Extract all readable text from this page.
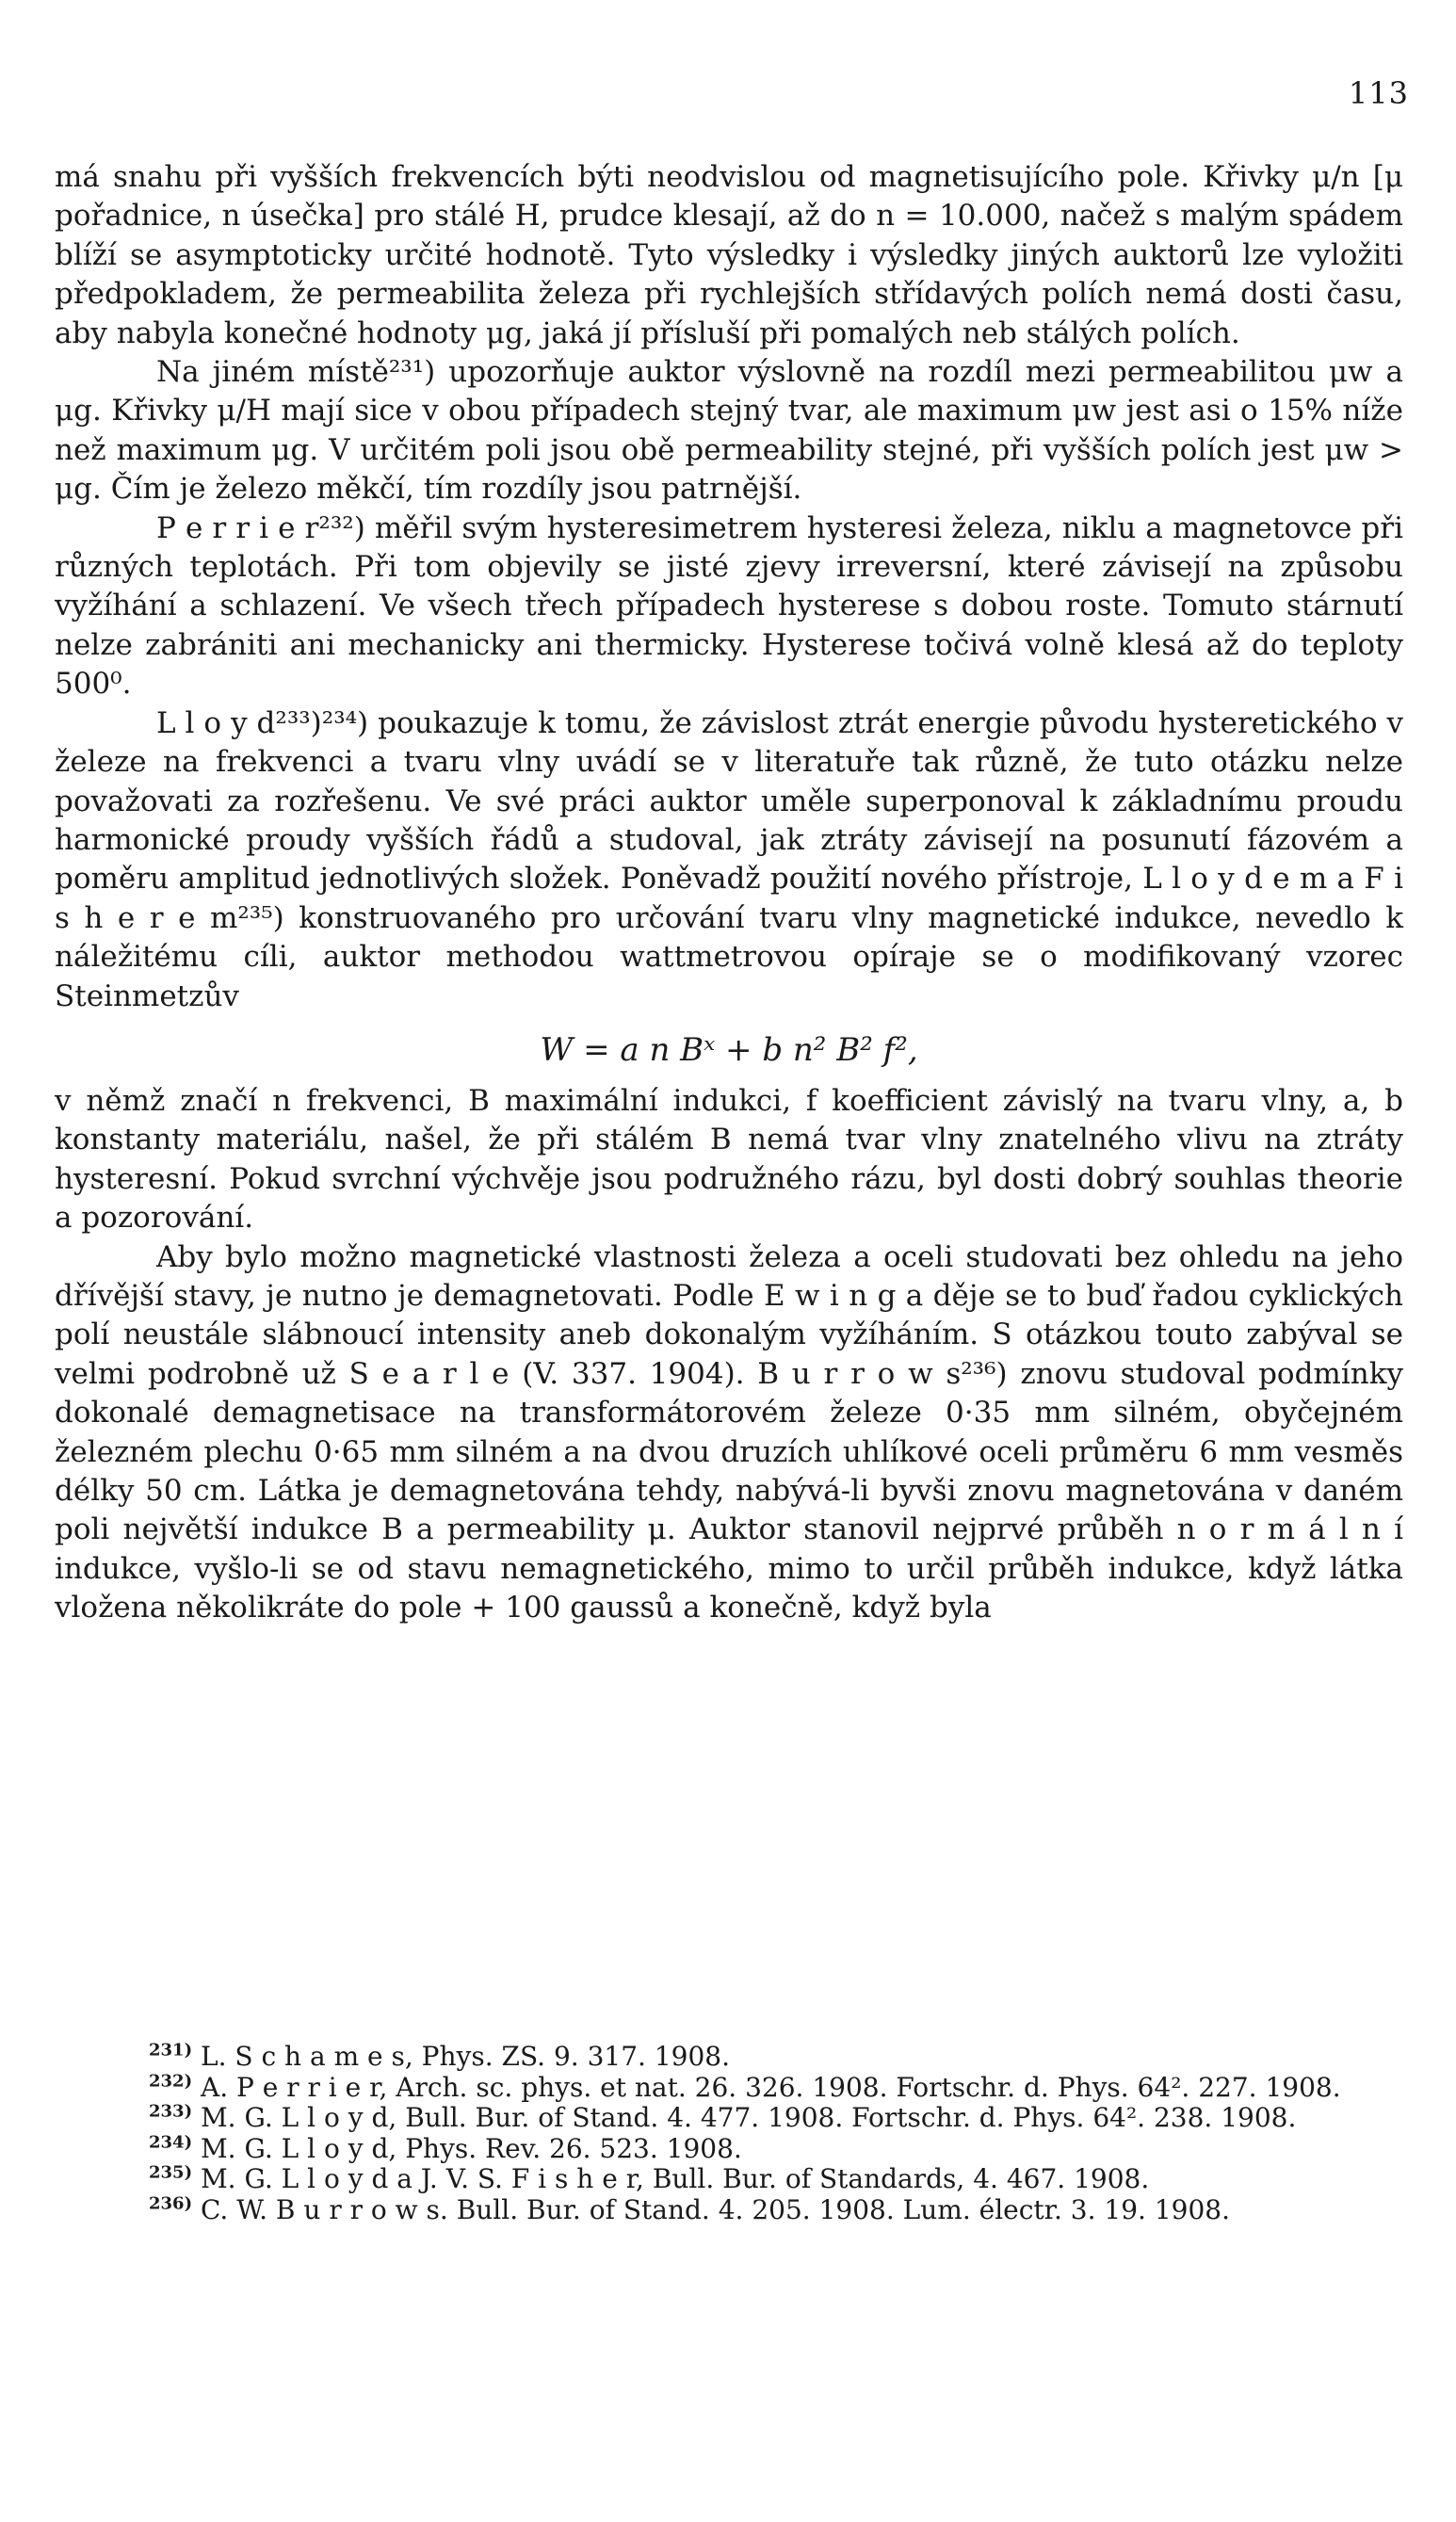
113

má snahu při vyšších frekvencích býti neodvislou od magnetisujícího pole. Křivky μ/n [μ pořadnice, n úsečka] pro stálé H, prudce klesají, až do n = 10.000, načež s malým spádem blíží se asymptoticky určité hodnotě. Tyto výsledky i výsledky jiných auktorů lze vyložiti předpokladem, že permeabilita železa při rychlejších střídavých polích nemá dosti času, aby nabyla konečné hodnoty μg, jaká jí přísluší při pomalých neb stálých polích.

Na jiném místě²³¹) upozorňuje auktor výslovně na rozdíl mezi permeabilitou μw a μg. Křivky μ/H mají sice v obou případech stejný tvar, ale maximum μw jest asi o 15% níže než maximum μg. V určitém poli jsou obě permeability stejné, při vyšších polích jest μw > μg. Čím je železo měkčí, tím rozdíly jsou patrnější.

P e r r i e r²³²) měřil svým hysteresimetrem hysteresi železa, niklu a magnetovce při různých teplotách. Při tom objevily se jisté zjevy irreversní, které závisejí na způsobu vyžíhání a schlazení. Ve všech třech případech hysterese s dobou roste. Tomuto stárnutí nelze zabrániti ani mechanicky ani thermicky. Hysterese točivá volně klesá až do teploty 500⁰.

L l o y d²³³)²³⁴) poukazuje k tomu, že závislost ztrát energie původu hysteretického v železe na frekvenci a tvaru vlny uvádí se v literatuře tak různě, že tuto otázku nelze považovati za rozřešenu. Ve své práci auktor uměle superponoval k základnímu proudu harmonické proudy vyšších řádů a studoval, jak ztráty závisejí na posunutí fázovém a poměru amplitud jednotlivých složek. Poněvadž použití nového přístroje, L l o y d e m a F i s h e r e m²³⁵) konstruovaného pro určování tvaru vlny magnetické indukce, nevedlo k náležitému cíli, auktor methodou wattmetrovou opíraje se o modifikovaný vzorec Steinmetzův

W = a n Bˣ + b n² B² f²,

v němž značí n frekvenci, B maximální indukci, f koefficient závislý na tvaru vlny, a, b konstanty materiálu, našel, že při stálém B nemá tvar vlny znatelného vlivu na ztráty hysteresní. Pokud svrchní výchvěje jsou podružného rázu, byl dosti dobrý souhlas theorie a pozorování.

Aby bylo možno magnetické vlastnosti železa a oceli studovati bez ohledu na jeho dřívější stavy, je nutno je demagnetovati. Podle E w i n g a děje se to buď řadou cyklických polí neustále slábnoucí intensity aneb dokonalým vyžíháním. S otázkou touto zabýval se velmi podrobně už S e a r l e (V. 337. 1904). B u r r o w s²³⁶) znovu studoval podmínky dokonalé demagnetisace na transformátorovém železe 0·35 mm silném, obyčejném železném plechu 0·65 mm silném a na dvou druzích uhlíkové oceli průměru 6 mm vesměs délky 50 cm. Látka je demagnetována tehdy, nabývá-li byvši znovu magnetována v daném poli největší indukce B a permeability μ. Auktor stanovil nejprvé průběh n o r m á l n í indukce, vyšlo-li se od stavu nemagnetického, mimo to určil průběh indukce, když látka vložena několikráte do pole + 100 gaussů a konečně, když byla

$^{231)}$ L. S c h a m e s, Phys. ZS. 9. 317. 1908.

$^{232)}$ A. P e r r i e r, Arch. sc. phys. et nat. 26. 326. 1908. Fortschr. d. Phys. 64². 227. 1908.

$^{233)}$ M. G. L l o y d, Bull. Bur. of Stand. 4. 477. 1908. Fortschr. d. Phys. 64². 238. 1908.

$^{234)}$ M. G. L l o y d, Phys. Rev. 26. 523. 1908.

$^{235)}$ M. G. L l o y d a J. V. S. F i s h e r, Bull. Bur. of Standards, 4. 467. 1908.

$^{236)}$ C. W. B u r r o w s. Bull. Bur. of Stand. 4. 205. 1908. Lum. électr. 3. 19. 1908.
